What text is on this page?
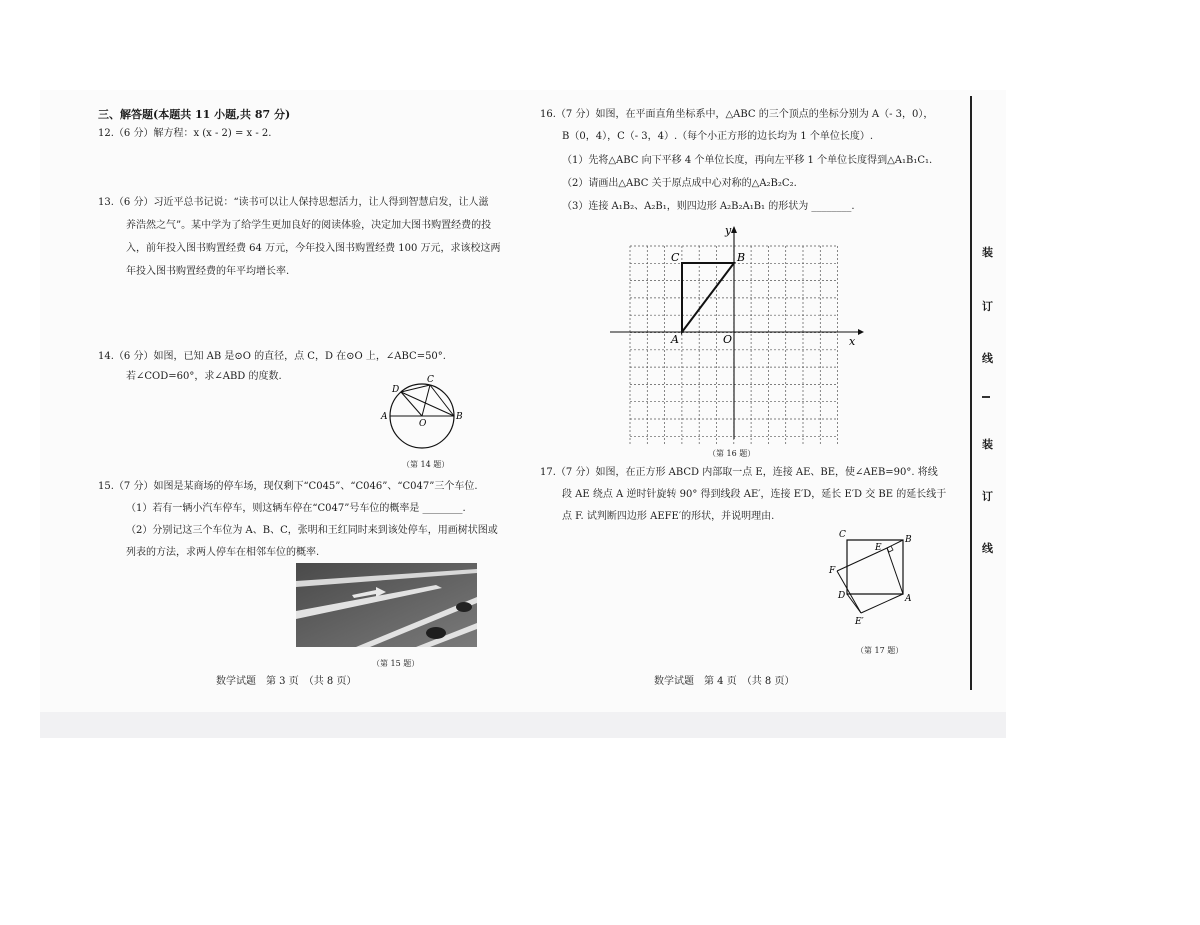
三、解答题(本题共 11 小题,共 87 分)
12.（6 分）解方程：x (x - 2) = x - 2.
13.（6 分）习近平总书记说：“读书可以让人保持思想活力，让人得到智慧启发，让人滋
养浩然之气”。某中学为了给学生更加良好的阅读体验，决定加大图书购置经费的投
入，前年投入图书购置经费 64 万元，今年投入图书购置经费 100 万元，求该校这两
年投入图书购置经费的年平均增长率.
14.（6 分）如图，已知 AB 是⊙O 的直径，点 C，D 在⊙O 上，∠ABC=50°.
若∠COD=60°，求∠ABD 的度数.
A	B
C
D
O
（第 14 题）
15.（7 分）如图是某商场的停车场，现仅剩下“C045”、“C046”、“C047”三个车位.
（1）若有一辆小汽车停车，则这辆车停在“C047”号车位的概率是 ________.
（2）分别记这三个车位为 A、B、C，张明和王红同时来到该处停车，用画树状图或
列表的方法，求两人停车在相邻车位的概率.
（第 15 题）
数学试题　第 3 页　（共 8 页）
16.（7 分）如图，在平面直角坐标系中，△ABC 的三个顶点的坐标分别为 A（- 3，0），
B（0，4），C（- 3，4）.（每个小正方形的边长均为 1 个单位长度）.
（1）先将△ABC 向下平移 4 个单位长度，再向左平移 1 个单位长度得到△A₁B₁C₁.
（2）请画出△ABC 关于原点成中心对称的△A₂B₂C₂.
（3）连接 A₁B₂、A₂B₁，则四边形 A₂B₂A₁B₁ 的形状为 ________.
x
y
A
B
C
O
（第 16 题）
17.（7 分）如图，在正方形 ABCD 内部取一点 E，连接 AE、BE，使∠AEB=90°. 将线
段 AE 绕点 A 逆时针旋转 90° 得到线段 AE′，连接 E′D，延长 E′D 交 BE 的延长线于
点 F. 试判断四边形 AEFE′的形状，并说明理由.
A
B
C
D
E
F
E′
（第 17 题）
数学试题　第 4 页　（共 8 页）
装
订
线
装
订
线
